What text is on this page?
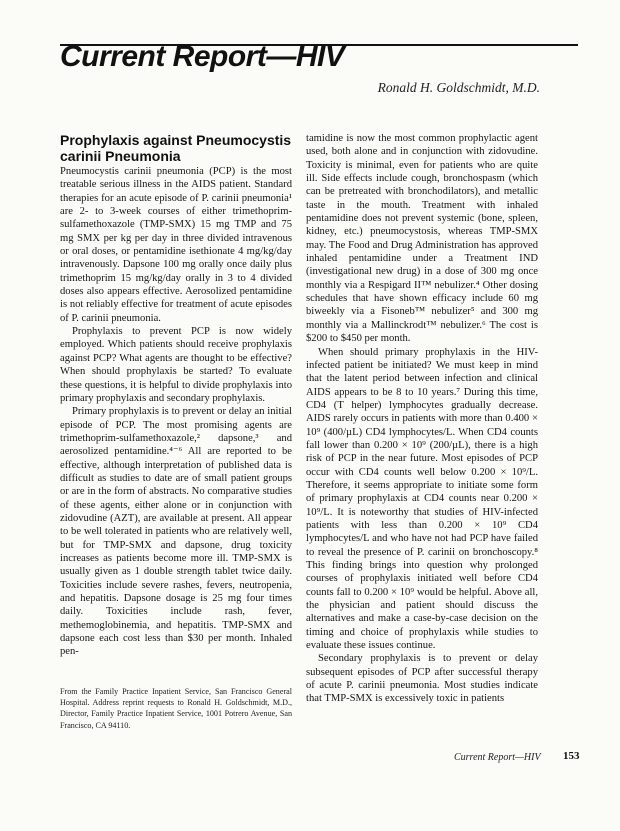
Current Report—HIV
Ronald H. Goldschmidt, M.D.
Prophylaxis against Pneumocystis carinii Pneumonia

Pneumocystis carinii pneumonia (PCP) is the most treatable serious illness in the AIDS patient. Standard therapies for an acute episode of P. carinii pneumonia¹ are 2- to 3-week courses of either trimethoprim-sulfamethoxazole (TMP-SMX) 15 mg TMP and 75 mg SMX per kg per day in three divided intravenous or oral doses, or pentamidine isethionate 4 mg/kg/day intravenously. Dapsone 100 mg orally once daily plus trimethoprim 15 mg/kg/day orally in 3 to 4 divided doses also appears effective. Aerosolized pentamidine is not reliably effective for treatment of acute episodes of P. carinii pneumonia.

Prophylaxis to prevent PCP is now widely employed. Which patients should receive prophylaxis against PCP? What agents are thought to be effective? When should prophylaxis be started? To evaluate these questions, it is helpful to divide prophylaxis into primary prophylaxis and secondary prophylaxis.

Primary prophylaxis is to prevent or delay an initial episode of PCP. The most promising agents are trimethoprim-sulfamethoxazole,² dapsone,³ and aerosolized pentamidine.⁴⁻⁶ All are reported to be effective, although interpretation of published data is difficult as studies to date are of small patient groups or are in the form of abstracts. No comparative studies of these agents, either alone or in conjunction with zidovudine (AZT), are available at present. All appear to be well tolerated in patients who are relatively well, but for TMP-SMX and dapsone, drug toxicity increases as patients become more ill. TMP-SMX is usually given as 1 double strength tablet twice daily. Toxicities include severe rashes, fevers, neutropenia, and hepatitis. Dapsone dosage is 25 mg four times daily. Toxicities include rash, fever, methemoglobinemia, and hepatitis. TMP-SMX and dapsone each cost less than $30 per month. Inhaled pen-

tamidine is now the most common prophylactic agent used, both alone and in conjunction with zidovudine. Toxicity is minimal, even for patients who are quite ill. Side effects include cough, bronchospasm (which can be pretreated with bronchodilators), and metallic taste in the mouth. Treatment with inhaled pentamidine does not prevent systemic (bone, spleen, kidney, etc.) pneumocystosis, whereas TMP-SMX may. The Food and Drug Administration has approved inhaled pentamidine under a Treatment IND (investigational new drug) in a dose of 300 mg once monthly via a Respigard II™ nebulizer.⁴ Other dosing schedules that have shown efficacy include 60 mg biweekly via a Fisoneb™ nebulizer⁵ and 300 mg monthly via a Mallinckrodt™ nebulizer.⁶ The cost is $200 to $450 per month.

When should primary prophylaxis in the HIV-infected patient be initiated? We must keep in mind that the latent period between infection and clinical AIDS appears to be 8 to 10 years.⁷ During this time, CD4 (T helper) lymphocytes gradually decrease. AIDS rarely occurs in patients with more than 0.400 × 10⁹ (400/µL) CD4 lymphocytes/L. When CD4 counts fall lower than 0.200 × 10⁹ (200/µL), there is a high risk of PCP in the near future. Most episodes of PCP occur with CD4 counts well below 0.200 × 10⁹/L. Therefore, it seems appropriate to initiate some form of primary prophylaxis at CD4 counts near 0.200 × 10⁹/L. It is noteworthy that studies of HIV-infected patients with less than 0.200 × 10⁹ CD4 lymphocytes/L and who have not had PCP have failed to reveal the presence of P. carinii on bronchoscopy.⁸ This finding brings into question why prolonged courses of prophylaxis initiated well before CD4 counts fall to 0.200 × 10⁹ would be helpful. Above all, the physician and patient should discuss the alternatives and make a case-by-case decision on the timing and choice of prophylaxis while studies to evaluate these issues continue.

Secondary prophylaxis is to prevent or delay subsequent episodes of PCP after successful therapy of acute P. carinii pneumonia. Most studies indicate that TMP-SMX is excessively toxic in patients

From the Family Practice Inpatient Service, San Francisco General Hospital. Address reprint requests to Ronald H. Goldschmidt, M.D., Director, Family Practice Inpatient Service, 1001 Potrero Avenue, San Francisco, CA 94110.
Current Report—HIV 153
